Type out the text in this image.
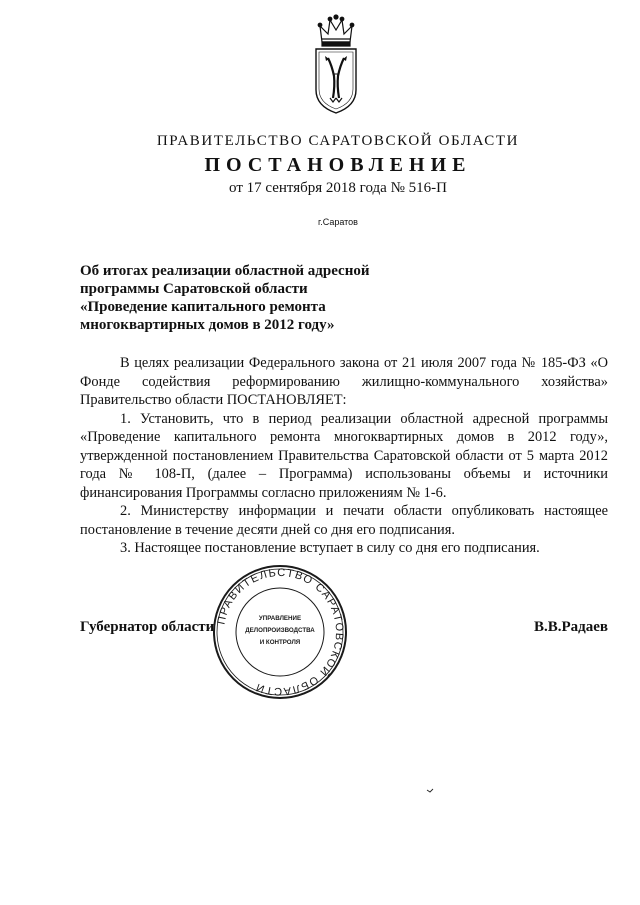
ПРАВИТЕЛЬСТВО САРАТОВСКОЙ ОБЛАСТИ
ПОСТАНОВЛЕНИЕ
от 17 сентября 2018 года № 516-П
г.Саратов
Об итогах реализации областной адресной
программы Саратовской области
«Проведение капитального ремонта
многоквартирных домов в 2012 году»

В целях реализации Федерального закона от 21 июля 2007 года № 185-ФЗ «О Фонде содействия реформированию жилищно-коммунального хозяйства» Правительство области ПОСТАНОВЛЯЕТ:

1. Установить, что в период реализации областной адресной программы «Проведение капитального ремонта многоквартирных домов в 2012 году», утвержденной постановлением Правительства Саратовской области от 5 марта 2012 года № 108-П, (далее – Программа) использованы объемы и источники финансирования Программы согласно приложениям № 1-6.

2. Министерству информации и печати области опубликовать настоящее постановление в течение десяти дней со дня его подписания.

3. Настоящее постановление вступает в силу со дня его подписания.

Губернатор области	В.В.Радаев
ПРАВИТЕЛЬСТВО САРАТОВСКОЙ ОБЛАСТИ
УПРАВЛЕНИЕ
ДЕЛОПРОИЗВОДСТВА
И КОНТРОЛЯ
